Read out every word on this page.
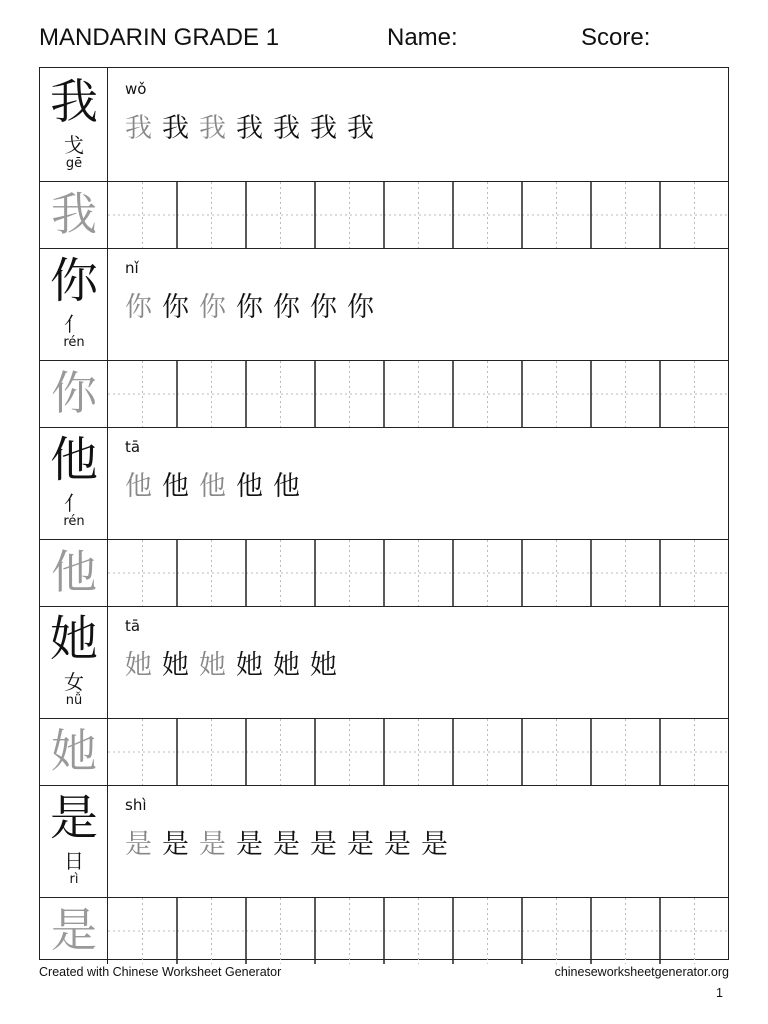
MANDARIN GRADE 1	Name:	Score:
我
戈
gē
wǒ
我 我 我 我 我 我 我
我
你
亻
rén
nǐ
你 你 你 你 你 你 你
你
他
亻
rén
tā
他 他 他 他 他
他
她
女
nǚ
tā
她 她 她 她 她 她
她
是
日
rì
shì
是 是 是 是 是 是 是 是 是
是
Created with Chinese Worksheet Generator	chineseworksheetgenerator.org
1
